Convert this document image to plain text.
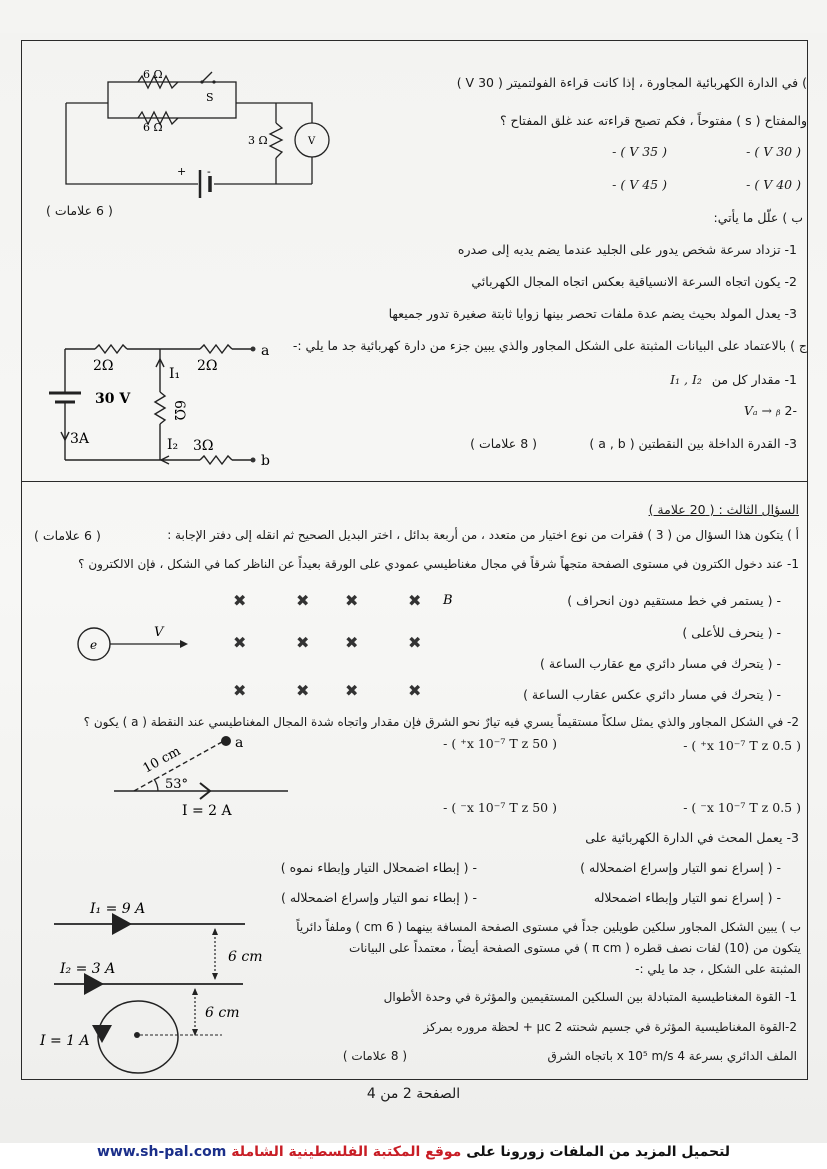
6 Ω
6 Ω
S
3 Ω	V
+ -
( 6 علامات )
) في الدارة الكهربائية المجاورة ، إذا كانت قراءة الفولتميتر ( 30 V )
والمفتاح ( s ) مفتوحاً ، فكم تصبح قراءته عند غلق المفتاح ؟
( 30 V ) -
( 35 V ) -
( 40 V ) -
( 45 V ) -
ب ) علّل ما يأتي:
1- تزداد سرعة شخص يدور على الجليد عندما يضم يديه إلى صدره
2- يكون اتجاه السرعة الانسياقية بعكس اتجاه المجال الكهربائي
3- يعدل المولد بحيث يضم عدة ملفات تحصر بينها زوايا ثابتة صغيرة تدور جميعها
2Ω	2Ω
6Ω
3Ω
30 V
3A
I₁
I₂
a
b
ج ) بالاعتماد على البيانات المثبتة على الشكل المجاور والذي يبين جزء من دارة كهربائية جد ما يلي :-
1- مقدار كل من I₁ , I₂
-2 Vₐ → ᵦ
3- القدرة الداخلة بين النقطتين ( a , b )
( 8 علامات )
السؤال الثالث : ( 20 علامة )
أ ) يتكون هذا السؤال من ( 3 ) فقرات من نوع اختيار من متعدد ، من أربعة بدائل ، اختر البديل الصحيح ثم انقله إلى دفتر الإجابة :
( 6 علامات )
1- عند دخول الكترون في مستوى الصفحة متجهاً شرقاً في مجال مغناطيسي عمودي على الورقة بعيداً عن الناظر كما في الشكل ، فإن الالكترون ؟
e
V
B
✖	✖ ✖	✖
✖	✖ ✖	✖
✖	✖ ✖	✖
- ( يستمر في خط مستقيم دون انحراف )
- ( ينحرف للأعلى )
- ( يتحرك في مسار دائري مع عقارب الساعة )
- ( يتحرك في مسار دائري عكس عقارب الساعة )
2- في الشكل المجاور والذي يمثل سلكاً مستقيماً يسري فيه تيارٌ نحو الشرق فإن مقدار واتجاه شدة المجال المغناطيسي عند النقطة ( a ) يكون ؟
a
10 cm
53°
I = 2 A
( 0.5 x 10⁻⁷ T z⁺ ) -
( 50 x 10⁻⁷ T z⁺ ) -
( 0.5 x 10⁻⁷ T z⁻ ) -
( 50 x 10⁻⁷ T z⁻ ) -
3- يعمل المحث في الدارة الكهربائية على
- ( إسراع نمو التيار وإسراع اضمحلاله )
- ( إبطاء اضمحلال التيار وإبطاء نموه )
- ( إسراع نمو التيار وإبطاء اضمحلاله
- ( إبطاء نمو التيار وإسراع اضمحلاله )
I₁ = 9 A
I₂ = 3 A
I = 1 A
6 cm
6 cm
ب ) يبين الشكل المجاور سلكين طويلين جداً في مستوى الصفحة المسافة بينهما ( 6 cm ) وملفاً دائرياً
يتكون من (10) لفات نصف قطره ( π cm ) في مستوى الصفحة أيضاً ، معتمداً على البيانات
المثبتة على الشكل ، جد ما يلي :-
1- القوة المغناطيسية المتبادلة بين السلكين المستقيمين والمؤثرة في وحدة الأطوال
2-القوة المغناطيسية المؤثرة في جسيم شحنته 2 μc + لحظة مروره بمركز
الملف الدائري بسرعة 4 x 10⁵ m/s باتجاه الشرق
( 8 علامات )
الصفحة 2 من 4
لتحميل المزيد من الملفات زورونا على موقع المكتبة الفلسطينية الشاملة www.sh-pal.com
